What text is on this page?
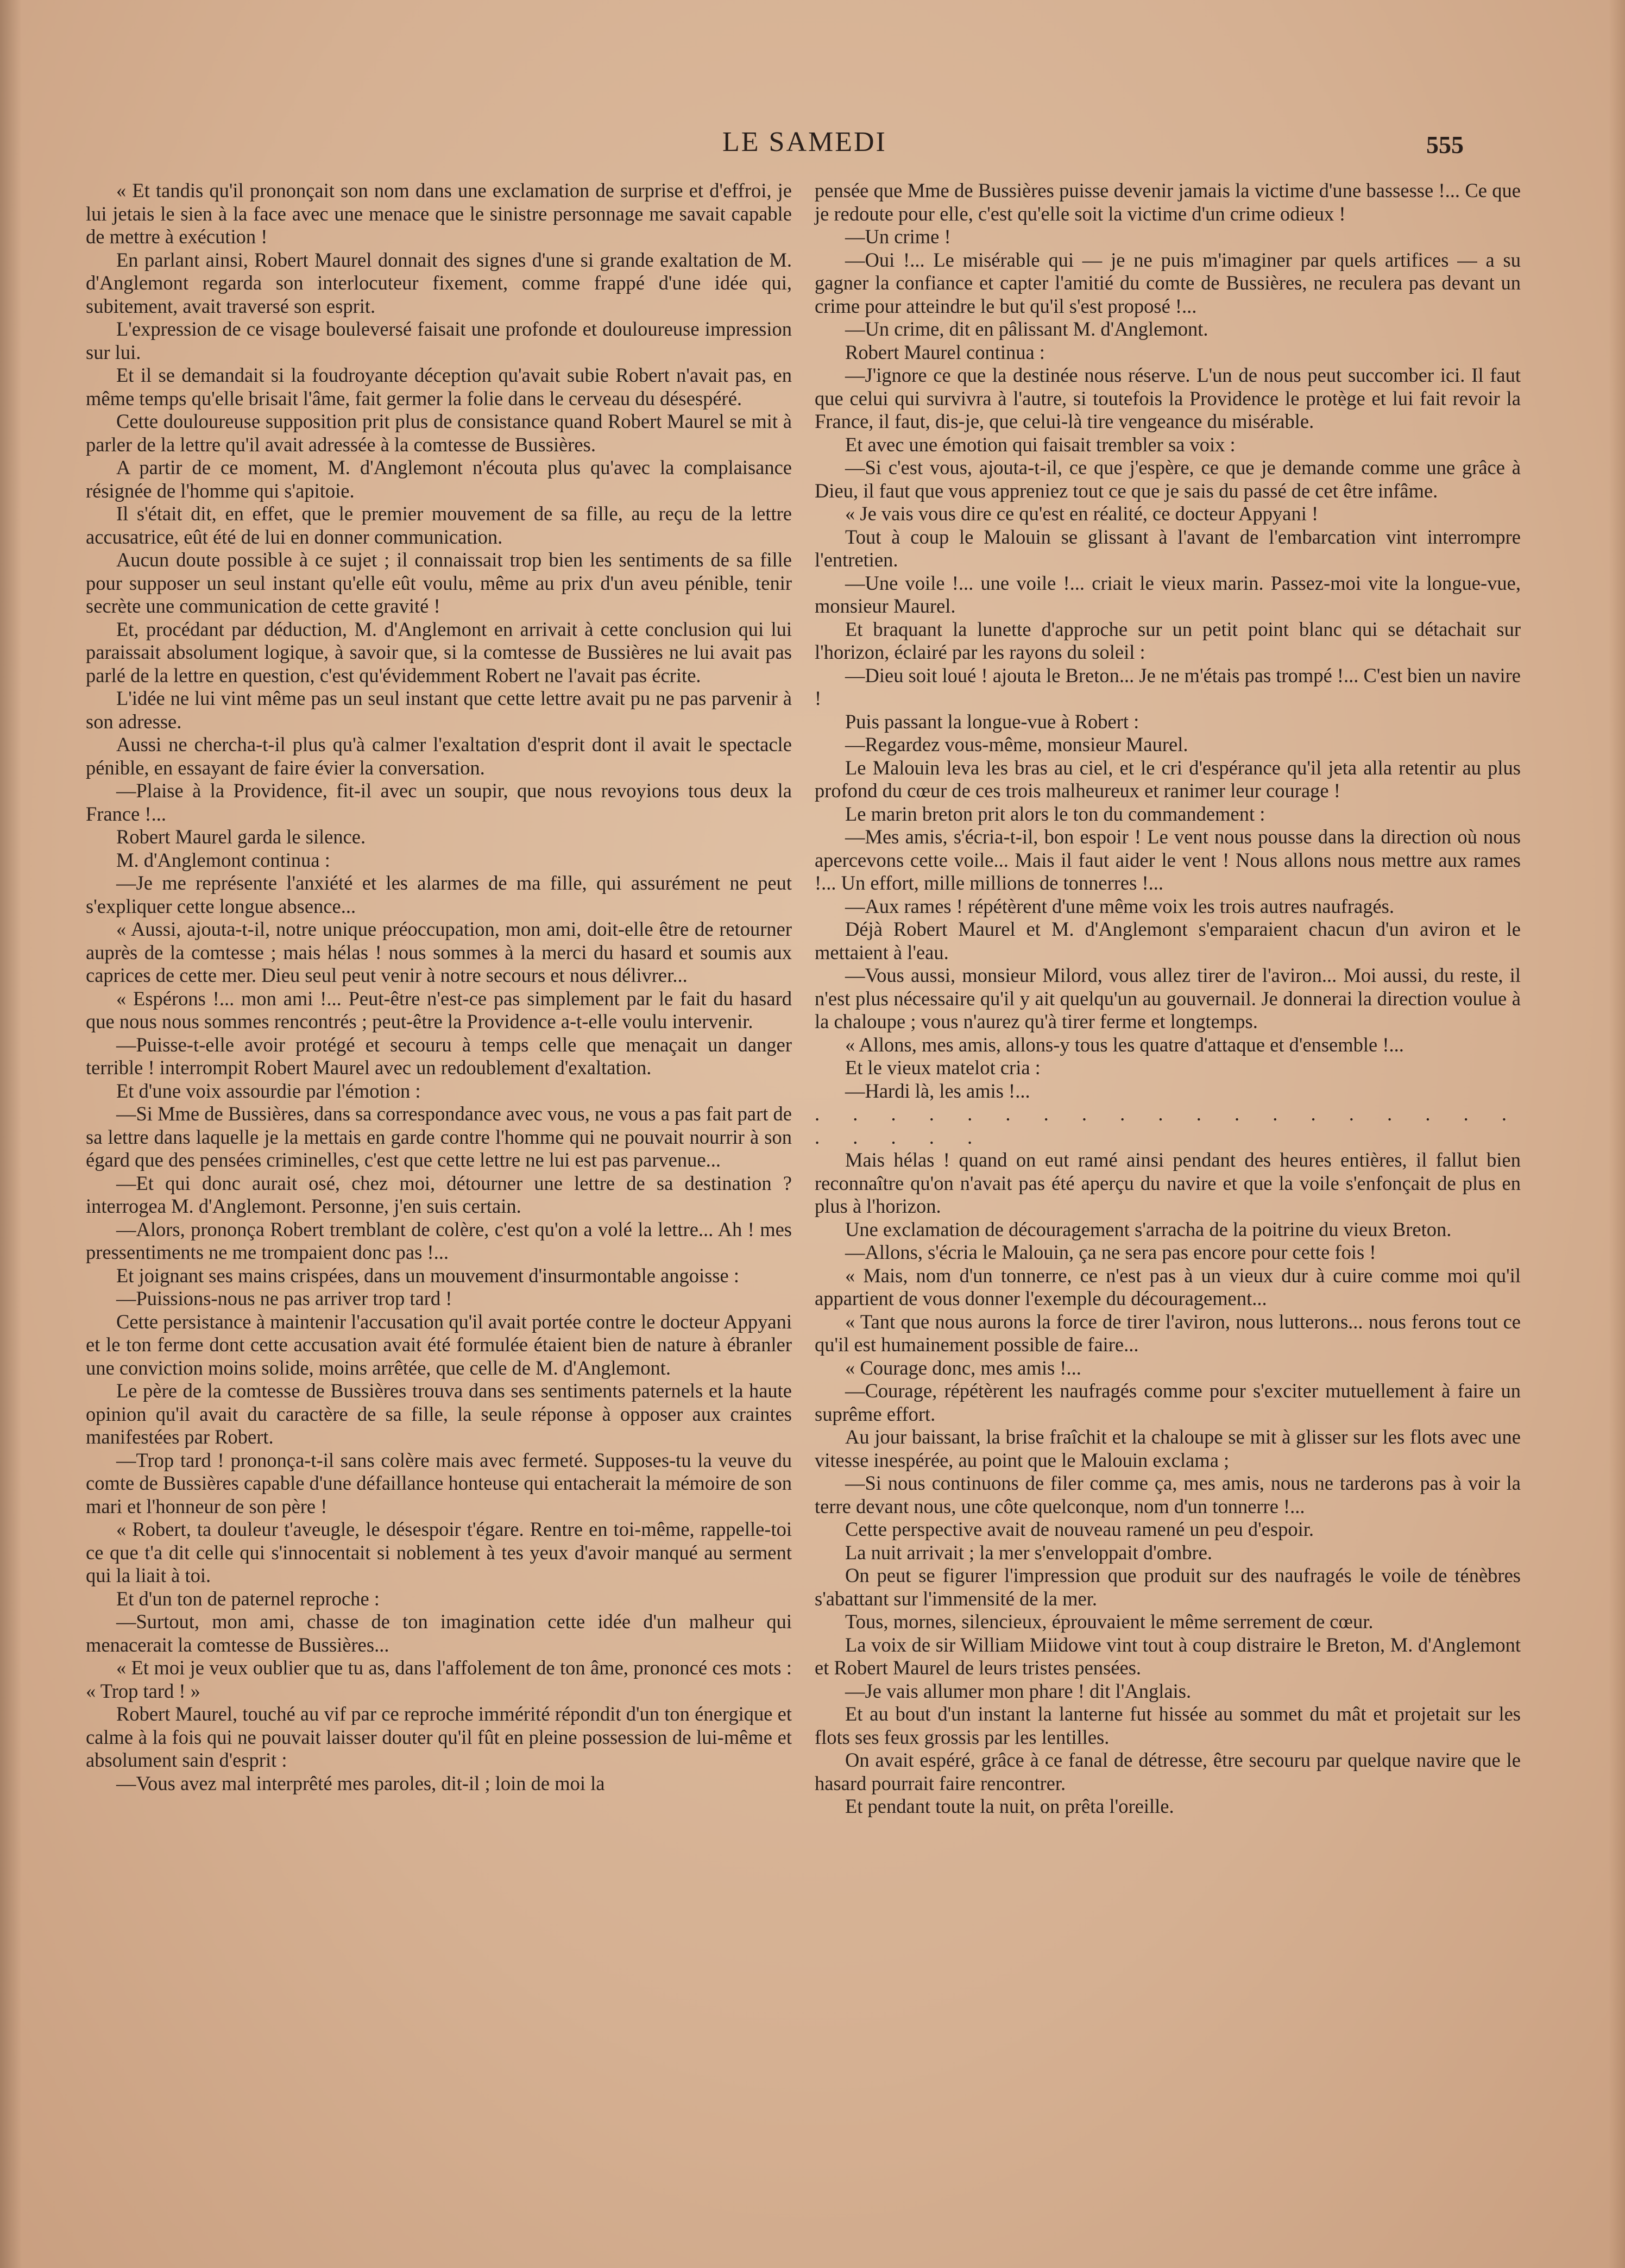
LE SAMEDI	555

« Et tandis qu'il prononçait son nom dans une exclamation de surprise et d'effroi, je lui jetais le sien à la face avec une menace que le sinistre personnage me savait capable de mettre à exécution !

En parlant ainsi, Robert Maurel donnait des signes d'une si grande exaltation de M. d'Anglemont regarda son interlocuteur fixement, comme frappé d'une idée qui, subitement, avait traversé son esprit.

L'expression de ce visage bouleversé faisait une profonde et douloureuse impression sur lui.

Et il se demandait si la foudroyante déception qu'avait subie Robert n'avait pas, en même temps qu'elle brisait l'âme, fait germer la folie dans le cerveau du désespéré.

Cette douloureuse supposition prit plus de consistance quand Robert Maurel se mit à parler de la lettre qu'il avait adressée à la comtesse de Bussières.

A partir de ce moment, M. d'Anglemont n'écouta plus qu'avec la complaisance résignée de l'homme qui s'apitoie.

Il s'était dit, en effet, que le premier mouvement de sa fille, au reçu de la lettre accusatrice, eût été de lui en donner communication.

Aucun doute possible à ce sujet ; il connaissait trop bien les sentiments de sa fille pour supposer un seul instant qu'elle eût voulu, même au prix d'un aveu pénible, tenir secrète une communication de cette gravité !

Et, procédant par déduction, M. d'Anglemont en arrivait à cette conclusion qui lui paraissait absolument logique, à savoir que, si la comtesse de Bussières ne lui avait pas parlé de la lettre en question, c'est qu'évidemment Robert ne l'avait pas écrite.

L'idée ne lui vint même pas un seul instant que cette lettre avait pu ne pas parvenir à son adresse.

Aussi ne chercha-t-il plus qu'à calmer l'exaltation d'esprit dont il avait le spectacle pénible, en essayant de faire évier la conversation.

—Plaise à la Providence, fit-il avec un soupir, que nous revoyions tous deux la France !...

Robert Maurel garda le silence.

M. d'Anglemont continua :

—Je me représente l'anxiété et les alarmes de ma fille, qui assurément ne peut s'expliquer cette longue absence...

« Aussi, ajouta-t-il, notre unique préoccupation, mon ami, doit-elle être de retourner auprès de la comtesse ; mais hélas ! nous sommes à la merci du hasard et soumis aux caprices de cette mer. Dieu seul peut venir à notre secours et nous délivrer...

« Espérons !... mon ami !... Peut-être n'est-ce pas simplement par le fait du hasard que nous nous sommes rencontrés ; peut-être la Providence a-t-elle voulu intervenir.

—Puisse-t-elle avoir protégé et secouru à temps celle que menaçait un danger terrible ! interrompit Robert Maurel avec un redoublement d'exaltation.

Et d'une voix assourdie par l'émotion :

—Si Mme de Bussières, dans sa correspondance avec vous, ne vous a pas fait part de sa lettre dans laquelle je la mettais en garde contre l'homme qui ne pouvait nourrir à son égard que des pensées criminelles, c'est que cette lettre ne lui est pas parvenue...

—Et qui donc aurait osé, chez moi, détourner une lettre de sa destination ? interrogea M. d'Anglemont. Personne, j'en suis certain.

—Alors, prononça Robert tremblant de colère, c'est qu'on a volé la lettre... Ah ! mes pressentiments ne me trompaient donc pas !...

Et joignant ses mains crispées, dans un mouvement d'insurmontable angoisse :

—Puissions-nous ne pas arriver trop tard !

Cette persistance à maintenir l'accusation qu'il avait portée contre le docteur Appyani et le ton ferme dont cette accusation avait été formulée étaient bien de nature à ébranler une conviction moins solide, moins arrêtée, que celle de M. d'Anglemont.

Le père de la comtesse de Bussières trouva dans ses sentiments paternels et la haute opinion qu'il avait du caractère de sa fille, la seule réponse à opposer aux craintes manifestées par Robert.

—Trop tard ! prononça-t-il sans colère mais avec fermeté. Supposes-tu la veuve du comte de Bussières capable d'une défaillance honteuse qui entacherait la mémoire de son mari et l'honneur de son père !

« Robert, ta douleur t'aveugle, le désespoir t'égare. Rentre en toi-même, rappelle-toi ce que t'a dit celle qui s'innocentait si noblement à tes yeux d'avoir manqué au serment qui la liait à toi.

Et d'un ton de paternel reproche :

—Surtout, mon ami, chasse de ton imagination cette idée d'un malheur qui menacerait la comtesse de Bussières...

« Et moi je veux oublier que tu as, dans l'affolement de ton âme, prononcé ces mots : « Trop tard ! »

Robert Maurel, touché au vif par ce reproche immérité répondit d'un ton énergique et calme à la fois qui ne pouvait laisser douter qu'il fût en pleine possession de lui-même et absolument sain d'esprit :

—Vous avez mal interprêté mes paroles, dit-il ; loin de moi la

pensée que Mme de Bussières puisse devenir jamais la victime d'une bassesse !... Ce que je redoute pour elle, c'est qu'elle soit la victime d'un crime odieux !

—Un crime !

—Oui !... Le misérable qui — je ne puis m'imaginer par quels artifices — a su gagner la confiance et capter l'amitié du comte de Bussières, ne reculera pas devant un crime pour atteindre le but qu'il s'est proposé !...

—Un crime, dit en pâlissant M. d'Anglemont.

Robert Maurel continua :

—J'ignore ce que la destinée nous réserve. L'un de nous peut succomber ici. Il faut que celui qui survivra à l'autre, si toutefois la Providence le protège et lui fait revoir la France, il faut, dis-je, que celui-là tire vengeance du misérable.

Et avec une émotion qui faisait trembler sa voix :

—Si c'est vous, ajouta-t-il, ce que j'espère, ce que je demande comme une grâce à Dieu, il faut que vous appreniez tout ce que je sais du passé de cet être infâme.

« Je vais vous dire ce qu'est en réalité, ce docteur Appyani !

Tout à coup le Malouin se glissant à l'avant de l'embarcation vint interrompre l'entretien.

—Une voile !... une voile !... criait le vieux marin. Passez-moi vite la longue-vue, monsieur Maurel.

Et braquant la lunette d'approche sur un petit point blanc qui se détachait sur l'horizon, éclairé par les rayons du soleil :

—Dieu soit loué ! ajouta le Breton... Je ne m'étais pas trompé !... C'est bien un navire !

Puis passant la longue-vue à Robert :

—Regardez vous-même, monsieur Maurel.

Le Malouin leva les bras au ciel, et le cri d'espérance qu'il jeta alla retentir au plus profond du cœur de ces trois malheureux et ranimer leur courage !

Le marin breton prit alors le ton du commandement :

—Mes amis, s'écria-t-il, bon espoir ! Le vent nous pousse dans la direction où nous apercevons cette voile... Mais il faut aider le vent ! Nous allons nous mettre aux rames !... Un effort, mille millions de tonnerres !...

—Aux rames ! répétèrent d'une même voix les trois autres naufragés.

Déjà Robert Maurel et M. d'Anglemont s'emparaient chacun d'un aviron et le mettaient à l'eau.

—Vous aussi, monsieur Milord, vous allez tirer de l'aviron... Moi aussi, du reste, il n'est plus nécessaire qu'il y ait quelqu'un au gouvernail. Je donnerai la direction voulue à la chaloupe ; vous n'aurez qu'à tirer ferme et longtemps.

« Allons, mes amis, allons-y tous les quatre d'attaque et d'ensemble !...

Et le vieux matelot cria :

—Hardi là, les amis !...

. . . . . . . . . . . . . . . . . . . . . . . .

Mais hélas ! quand on eut ramé ainsi pendant des heures entières, il fallut bien reconnaître qu'on n'avait pas été aperçu du navire et que la voile s'enfonçait de plus en plus à l'horizon.

Une exclamation de découragement s'arracha de la poitrine du vieux Breton.

—Allons, s'écria le Malouin, ça ne sera pas encore pour cette fois !

« Mais, nom d'un tonnerre, ce n'est pas à un vieux dur à cuire comme moi qu'il appartient de vous donner l'exemple du découragement...

« Tant que nous aurons la force de tirer l'aviron, nous lutterons... nous ferons tout ce qu'il est humainement possible de faire...

« Courage donc, mes amis !...

—Courage, répétèrent les naufragés comme pour s'exciter mutuellement à faire un suprême effort.

Au jour baissant, la brise fraîchit et la chaloupe se mit à glisser sur les flots avec une vitesse inespérée, au point que le Malouin exclama ;

—Si nous continuons de filer comme ça, mes amis, nous ne tarderons pas à voir la terre devant nous, une côte quelconque, nom d'un tonnerre !...

Cette perspective avait de nouveau ramené un peu d'espoir.

La nuit arrivait ; la mer s'enveloppait d'ombre.

On peut se figurer l'impression que produit sur des naufragés le voile de ténèbres s'abattant sur l'immensité de la mer.

Tous, mornes, silencieux, éprouvaient le même serrement de cœur.

La voix de sir William Miidowe vint tout à coup distraire le Breton, M. d'Anglemont et Robert Maurel de leurs tristes pensées.

—Je vais allumer mon phare ! dit l'Anglais.

Et au bout d'un instant la lanterne fut hissée au sommet du mât et projetait sur les flots ses feux grossis par les lentilles.

On avait espéré, grâce à ce fanal de détresse, être secouru par quelque navire que le hasard pourrait faire rencontrer.

Et pendant toute la nuit, on prêta l'oreille.
